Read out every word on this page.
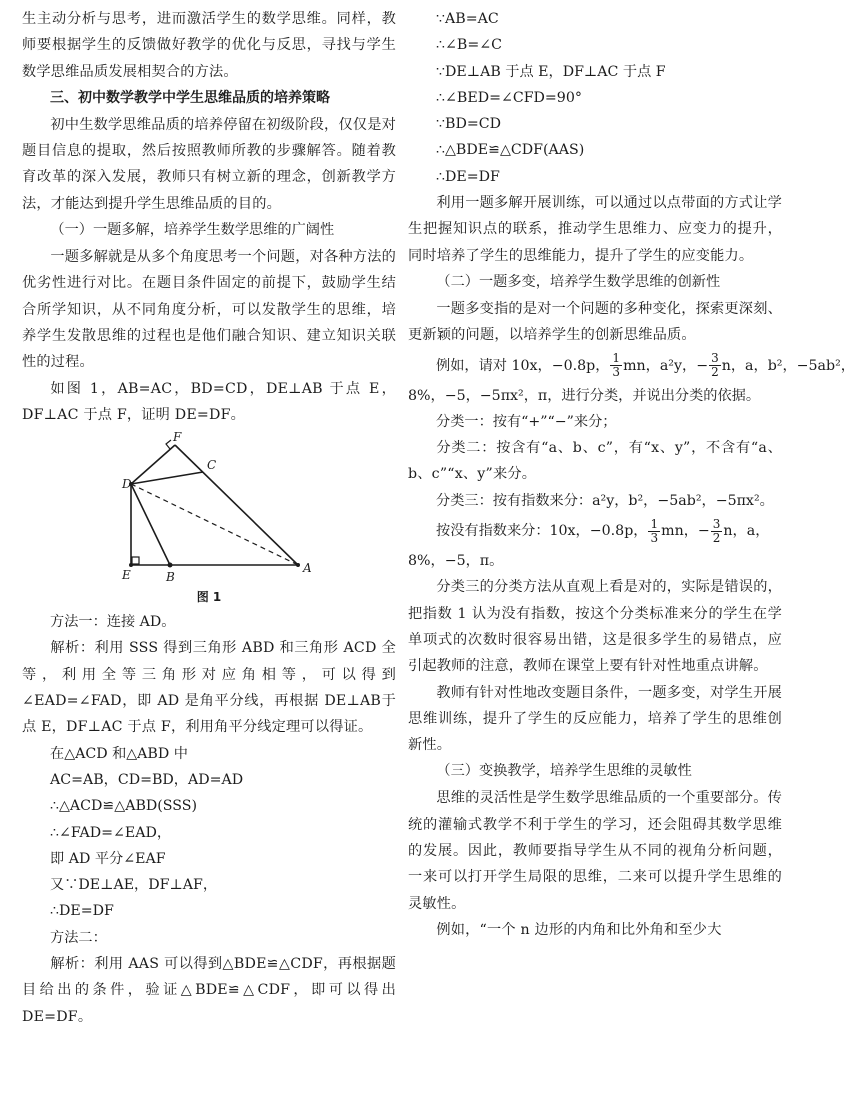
生主动分析与思考，进而激活学生的数学思维。同样，教师要根据学生的反馈做好教学的优化与反思，寻找与学生数学思维品质发展相契合的方法。

三、初中数学教学中学生思维品质的培养策略

初中生数学思维品质的培养停留在初级阶段，仅仅是对题目信息的提取，然后按照教师所教的步骤解答。随着教育改革的深入发展，教师只有树立新的理念，创新教学方法，才能达到提升学生思维品质的目的。

（一）一题多解，培养学生数学思维的广阔性

一题多解就是从多个角度思考一个问题，对各种方法的优劣性进行对比。在题目条件固定的前提下，鼓励学生结合所学知识，从不同角度分析，可以发散学生的思维，培养学生发散思维的过程也是他们融合知识、建立知识关联性的过程。

如图 1，AB=AC，BD=CD，DE⊥AB 于点 E，DF⊥AC 于点 F，证明 DE=DF。

F
C
D
E	B
A

图 1

方法一：连接 AD。

解析：利用 SSS 得到三角形 ABD 和三角形 ACD 全等，利用全等三角形对应角相等，可以得到∠EAD=∠FAD，即 AD 是角平分线，再根据 DE⊥AB于点 E，DF⊥AC 于点 F，利用角平分线定理可以得证。

在△ACD 和△ABD 中

AC=AB，CD=BD，AD=AD

∴△ACD≌△ABD(SSS)

∴∠FAD=∠EAD，

即 AD 平分∠EAF

又∵DE⊥AE，DF⊥AF，

∴DE=DF

方法二：

解析：利用 AAS 可以得到△BDE≌△CDF，再根据题目给出的条件，验证△BDE≌△CDF，即可以得出 DE=DF。

∵AB=AC

∴∠B=∠C

∵DE⊥AB 于点 E，DF⊥AC 于点 F

∴∠BED=∠CFD=90°

∵BD=CD

∴△BDE≌△CDF(AAS)

∴DE=DF

利用一题多解开展训练，可以通过以点带面的方式让学生把握知识点的联系，推动学生思维力、应变力的提升，同时培养了学生的思维能力，提升了学生的应变能力。

（二）一题多变，培养学生数学思维的创新性

一题多变指的是对一个问题的多种变化，探索更深刻、更新颖的问题，以培养学生的创新思维品质。

例如，请对 10x，−0.8p， $\frac{1}{3}$ mn，a²y，− $\frac{3}{2}$ n，a，b²，−5ab²，

8%，−5，−5πx²，π，进行分类，并说出分类的依据。

分类一：按有“+”“−”来分；

分类二：按含有“a、b、c”，有“x、y”，不含有“a、b、c”“x、y”来分。

分类三：按有指数来分：a²y，b²，−5ab²，−5πx²。

按没有指数来分：10x，−0.8p， $\frac{1}{3}$ mn，− $\frac{3}{2}$ n，a，

8%，−5，π。

分类三的分类方法从直观上看是对的，实际是错误的，把指数 1 认为没有指数，按这个分类标准来分的学生在学单项式的次数时很容易出错，这是很多学生的易错点，应引起教师的注意，教师在课堂上要有针对性地重点讲解。

教师有针对性地改变题目条件，一题多变，对学生开展思维训练，提升了学生的反应能力，培养了学生的思维创新性。

（三）变换教学，培养学生思维的灵敏性

思维的灵活性是学生数学思维品质的一个重要部分。传统的灌输式教学不利于学生的学习，还会阻碍其数学思维的发展。因此，教师要指导学生从不同的视角分析问题，一来可以打开学生局限的思维，二来可以提升学生思维的灵敏性。

例如，“一个 n 边形的内角和比外角和至少大
